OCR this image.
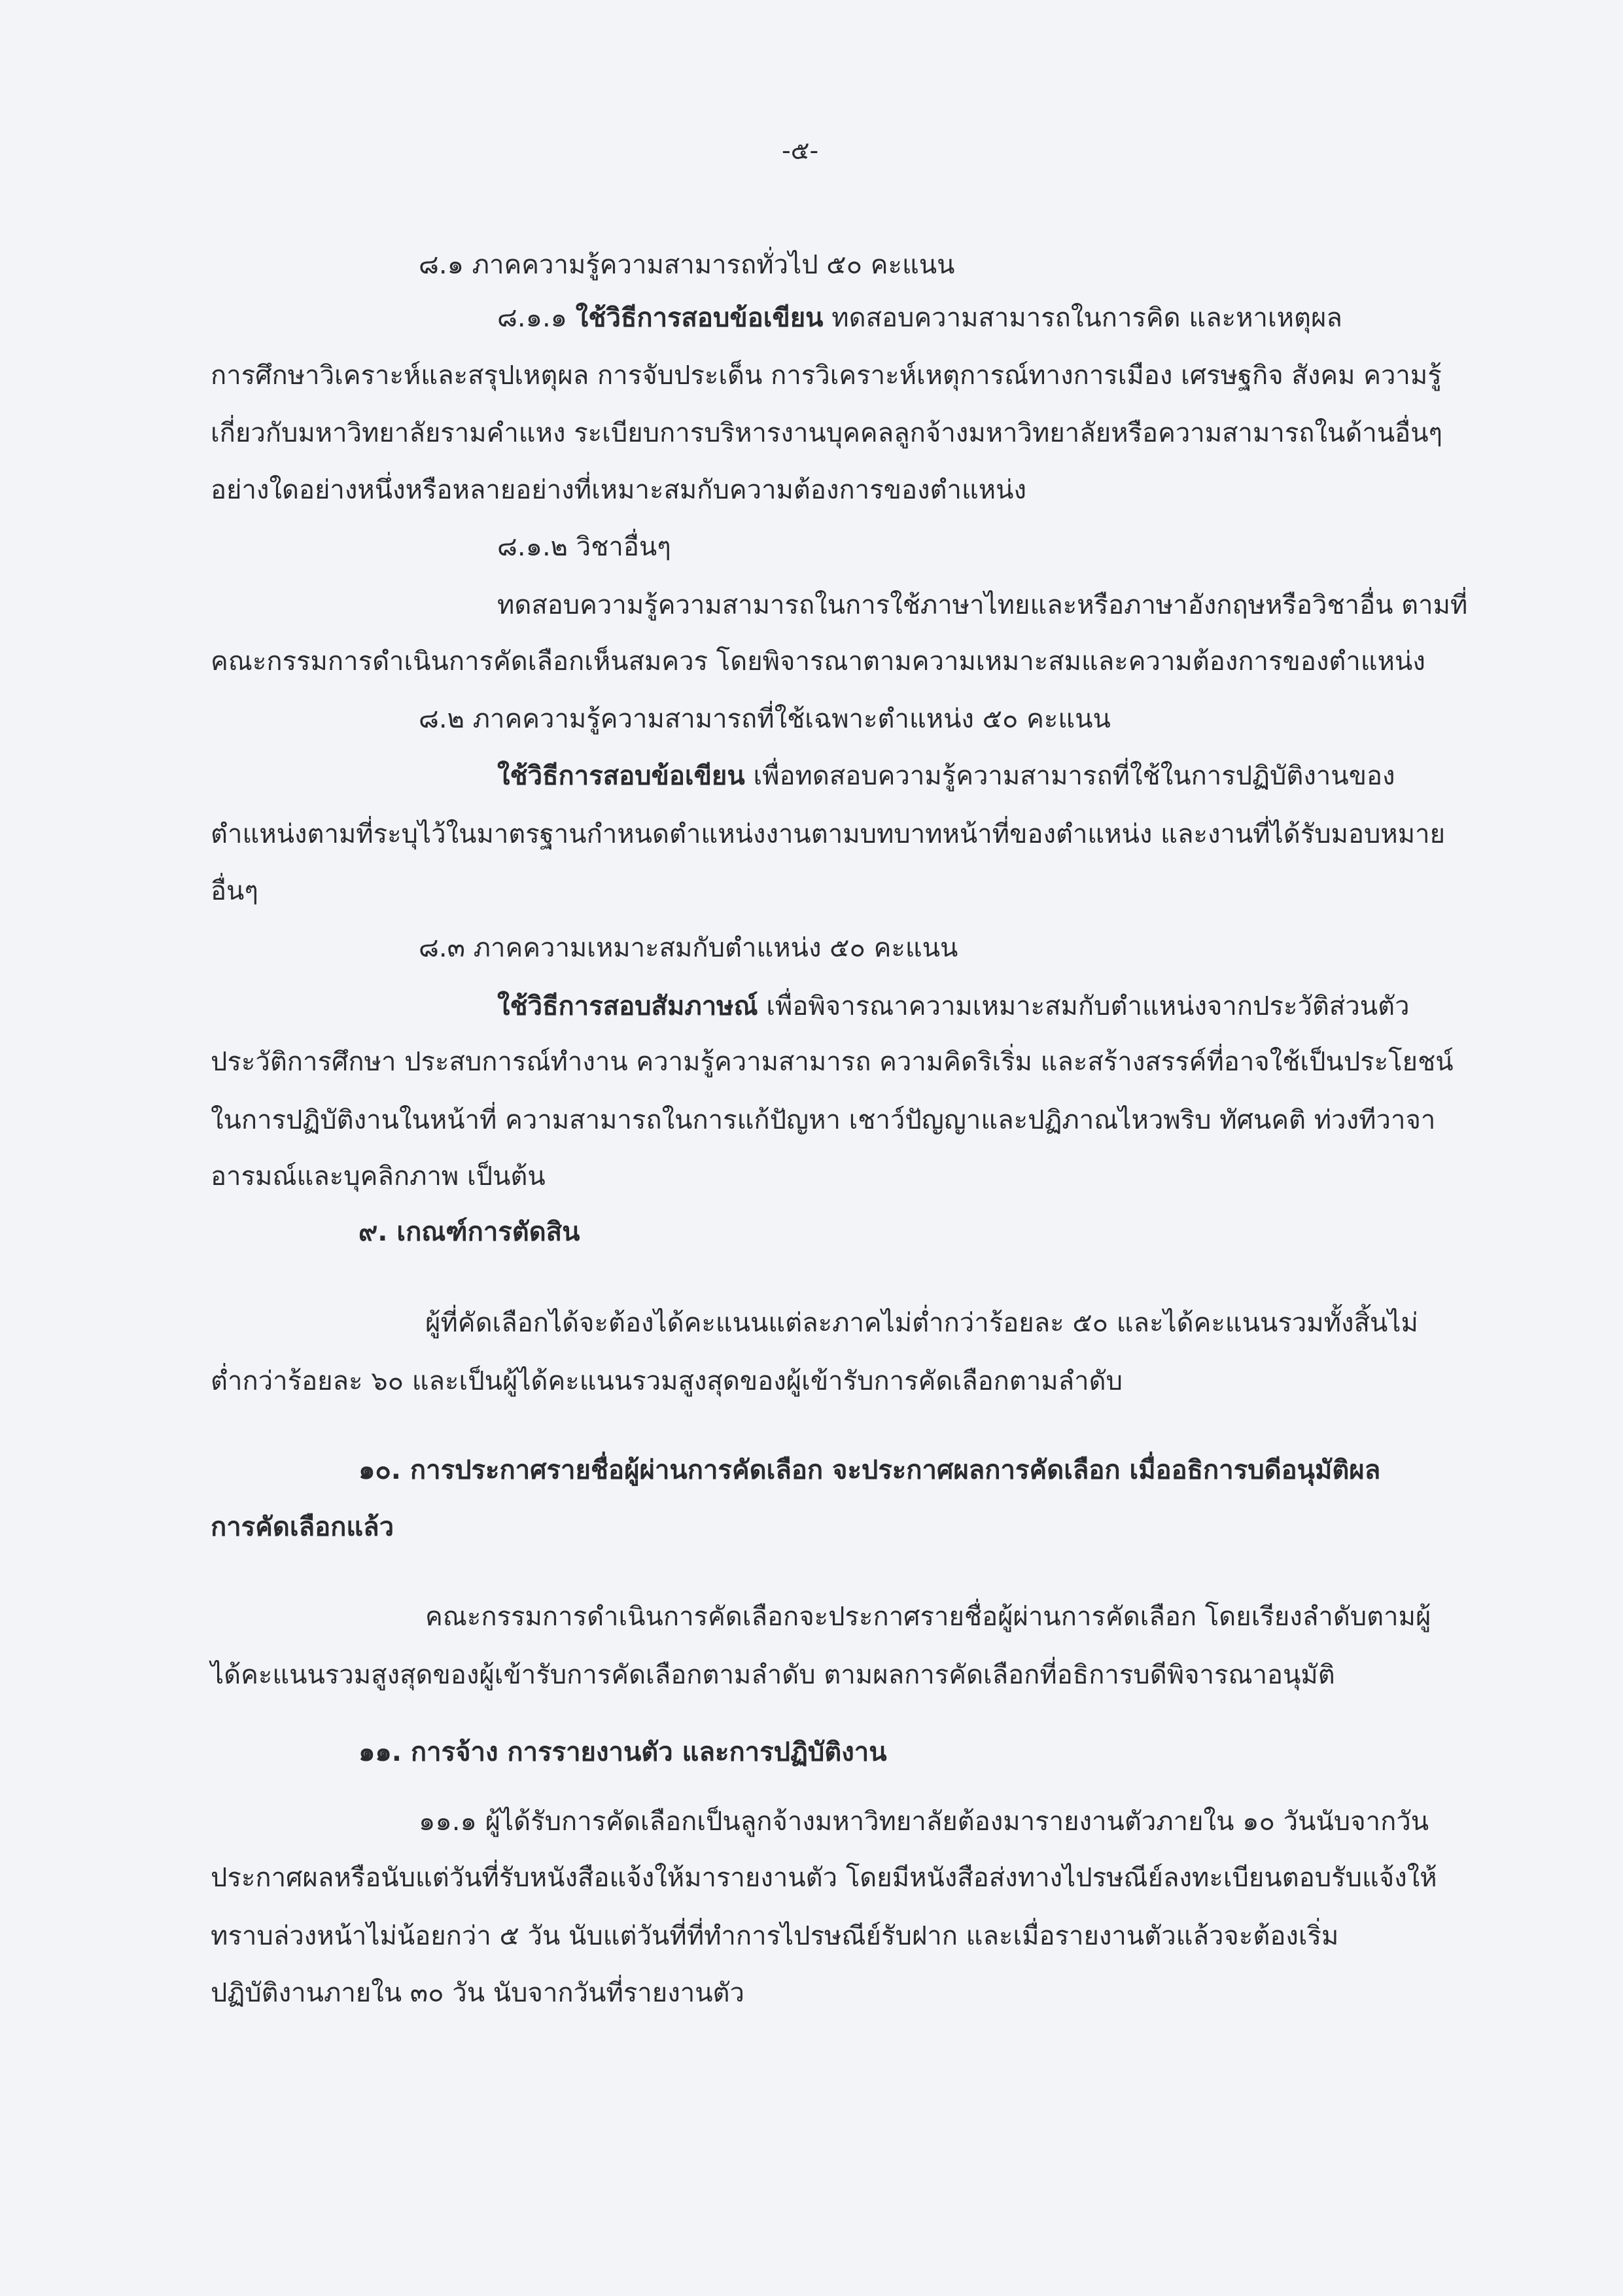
-๕-
๘.๑ ภาคความรู้ความสามารถทั่วไป ๕๐ คะแนน
๘.๑.๑ ใช้วิธีการสอบข้อเขียน ทดสอบความสามารถในการคิด และหาเหตุผล
การศึกษาวิเคราะห์และสรุปเหตุผล การจับประเด็น การวิเคราะห์เหตุการณ์ทางการเมือง เศรษฐกิจ สังคม ความรู้
เกี่ยวกับมหาวิทยาลัยรามคำแหง ระเบียบการบริหารงานบุคคลลูกจ้างมหาวิทยาลัยหรือความสามารถในด้านอื่นๆ
อย่างใดอย่างหนึ่งหรือหลายอย่างที่เหมาะสมกับความต้องการของตำแหน่ง
๘.๑.๒ วิชาอื่นๆ
ทดสอบความรู้ความสามารถในการใช้ภาษาไทยและหรือภาษาอังกฤษหรือวิชาอื่น ตามที่
คณะกรรมการดำเนินการคัดเลือกเห็นสมควร โดยพิจารณาตามความเหมาะสมและความต้องการของตำแหน่ง
๘.๒ ภาคความรู้ความสามารถที่ใช้เฉพาะตำแหน่ง ๕๐ คะแนน
ใช้วิธีการสอบข้อเขียน เพื่อทดสอบความรู้ความสามารถที่ใช้ในการปฏิบัติงานของ
ตำแหน่งตามที่ระบุไว้ในมาตรฐานกำหนดตำแหน่งงานตามบทบาทหน้าที่ของตำแหน่ง และงานที่ได้รับมอบหมาย
อื่นๆ
๘.๓ ภาคความเหมาะสมกับตำแหน่ง ๕๐ คะแนน
ใช้วิธีการสอบสัมภาษณ์ เพื่อพิจารณาความเหมาะสมกับตำแหน่งจากประวัติส่วนตัว
ประวัติการศึกษา ประสบการณ์ทำงาน ความรู้ความสามารถ ความคิดริเริ่ม และสร้างสรรค์ที่อาจใช้เป็นประโยชน์
ในการปฏิบัติงานในหน้าที่ ความสามารถในการแก้ปัญหา เชาว์ปัญญาและปฏิภาณไหวพริบ ทัศนคติ ท่วงทีวาจา
อารมณ์และบุคลิกภาพ เป็นต้น
๙. เกณฑ์การตัดสิน
ผู้ที่คัดเลือกได้จะต้องได้คะแนนแต่ละภาคไม่ต่ำกว่าร้อยละ ๕๐ และได้คะแนนรวมทั้งสิ้นไม่
ต่ำกว่าร้อยละ ๖๐ และเป็นผู้ได้คะแนนรวมสูงสุดของผู้เข้ารับการคัดเลือกตามลำดับ
๑๐. การประกาศรายชื่อผู้ผ่านการคัดเลือก จะประกาศผลการคัดเลือก เมื่ออธิการบดีอนุมัติผล
การคัดเลือกแล้ว
คณะกรรมการดำเนินการคัดเลือกจะประกาศรายชื่อผู้ผ่านการคัดเลือก โดยเรียงลำดับตามผู้
ได้คะแนนรวมสูงสุดของผู้เข้ารับการคัดเลือกตามลำดับ ตามผลการคัดเลือกที่อธิการบดีพิจารณาอนุมัติ
๑๑. การจ้าง การรายงานตัว และการปฏิบัติงาน
๑๑.๑ ผู้ได้รับการคัดเลือกเป็นลูกจ้างมหาวิทยาลัยต้องมารายงานตัวภายใน ๑๐ วันนับจากวัน
ประกาศผลหรือนับแต่วันที่รับหนังสือแจ้งให้มารายงานตัว โดยมีหนังสือส่งทางไปรษณีย์ลงทะเบียนตอบรับแจ้งให้
ทราบล่วงหน้าไม่น้อยกว่า ๕ วัน นับแต่วันที่ที่ทำการไปรษณีย์รับฝาก และเมื่อรายงานตัวแล้วจะต้องเริ่ม
ปฏิบัติงานภายใน ๓๐ วัน นับจากวันที่รายงานตัว
